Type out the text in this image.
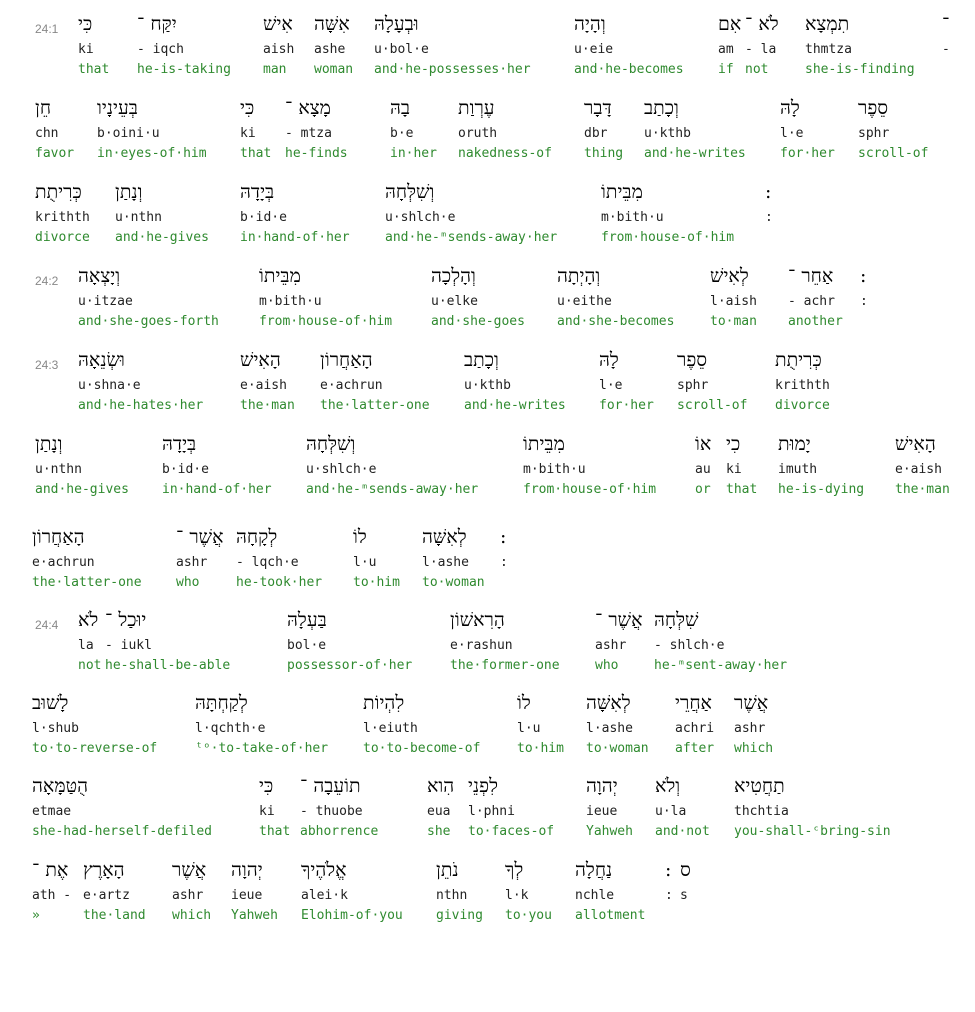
24:1 כִּי
ki
that
יִקַּח ־
- iqch
he-is-taking
אִישׁ
aish
man
אִשָּׁה
ashe
woman
וּבְעָלָהּ
u·bol·e
and·he-possesses·her
וְהָיָה
u·eie
and·he-becomes
אִם
am
if
לֹא ־
- la
not
תִמְצָא
thmtza
she-is-finding
־
-
חֵן
chn
favor
בְּעֵינָיו
b·oini·u
in·eyes-of·him
כִּי
ki
that
מָצָא ־
- mtza
he-finds
בָהּ
b·e
in·her
עֶרְוַת
oruth
nakedness-of
דָּבָר
dbr
thing
וְכָתַב
u·kthb
and·he-writes
לָהּ
l·e
for·her
סֵפֶר
sphr
scroll-of
כְּרִיתֻת
krithth
divorce
וְנָתַן
u·nthn
and·he-gives
בְּיָדָהּ
b·id·e
in·hand-of·her
וְשִׁלְּחָהּ
u·shlch·e
and·he-ᵐsends-away·her
מִבֵּיתוֹ
m·bith·u
from·house-of·him
:
:
24:2 וְיָצְאָה
u·itzae
and·she-goes-forth
מִבֵּיתוֹ
m·bith·u
from·house-of·him
וְהָלְכָה
u·elke
and·she-goes
וְהָיְתָה
u·eithe
and·she-becomes
לְאִישׁ
l·aish
to·man
אַחֵר ־
- achr
another
:
:
24:3 וּשְׂנֵאָהּ
u·shna·e
and·he-hates·her
הָאִישׁ
e·aish
the·man
הָאַחֲרוֹן
e·achrun
the·latter-one
וְכָתַב
u·kthb
and·he-writes
לָהּ
l·e
for·her
סֵפֶר
sphr
scroll-of
כְּרִיתֻת
krithth
divorce
וְנָתַן
u·nthn
and·he-gives
בְּיָדָהּ
b·id·e
in·hand-of·her
וְשִׁלְּחָהּ
u·shlch·e
and·he-ᵐsends-away·her
מִבֵּיתוֹ
m·bith·u
from·house-of·him
אוֹ
au
or
כִי
ki
that
יָמוּת
imuth
he-is-dying
הָאִישׁ
e·aish
the·man
הָאַחֲרוֹן
e·achrun
the·latter-one
אֲשֶׁר ־
ashr
who
לְקָחָהּ
- lqch·e
he-took·her
לוֹ
l·u
to·him
לְאִשָּׁה
l·ashe
to·woman
:
:
24:4 לֹא
la
not
יוּכַל ־
- iukl
he-shall-be-able
בַּעְלָהּ
bol·e
possessor-of·her
הָרִאשׁוֹן
e·rashun
the·former-one
אֲשֶׁר ־
ashr
who
שִׁלְּחָהּ
- shlch·e
he-ᵐsent-away·her
לָשׁוּב
l·shub
to·to-reverse-of
לְקַחְתָּהּ
l·qchth·e
ᵗᵒ·to-take-of·her
לִהְיוֹת
l·eiuth
to·to-become-of
לוֹ
l·u
to·him
לְאִשָּׁה
l·ashe
to·woman
אַחֲרֵי
achri
after
אֲשֶׁר
ashr
which
הֻטַּמָּאָה
etmae
she-had-herself-defiled
כִּי
ki
that
תוֹעֵבָה ־
- thuobe
abhorrence
הִוא
eua
she
לִפְנֵי
l·phni
to·faces-of
יְהוָה
ieue
Yahweh
וְלֹא
u·la
and·not
תַחֲטִיא
thchtia
you-shall-ᶜbring-sin
אֶת ־
ath -
»
הָאָרֶץ
e·artz
the·land
אֲשֶׁר
ashr
which
יְהוָה
ieue
Yahweh
אֱלֹהֶיךָ
alei·k
Elohim-of·you
נֹתֵן
nthn
giving
לְךָ
l·k
to·you
נַחֲלָה
nchle
allotment
:
:
ס
s
